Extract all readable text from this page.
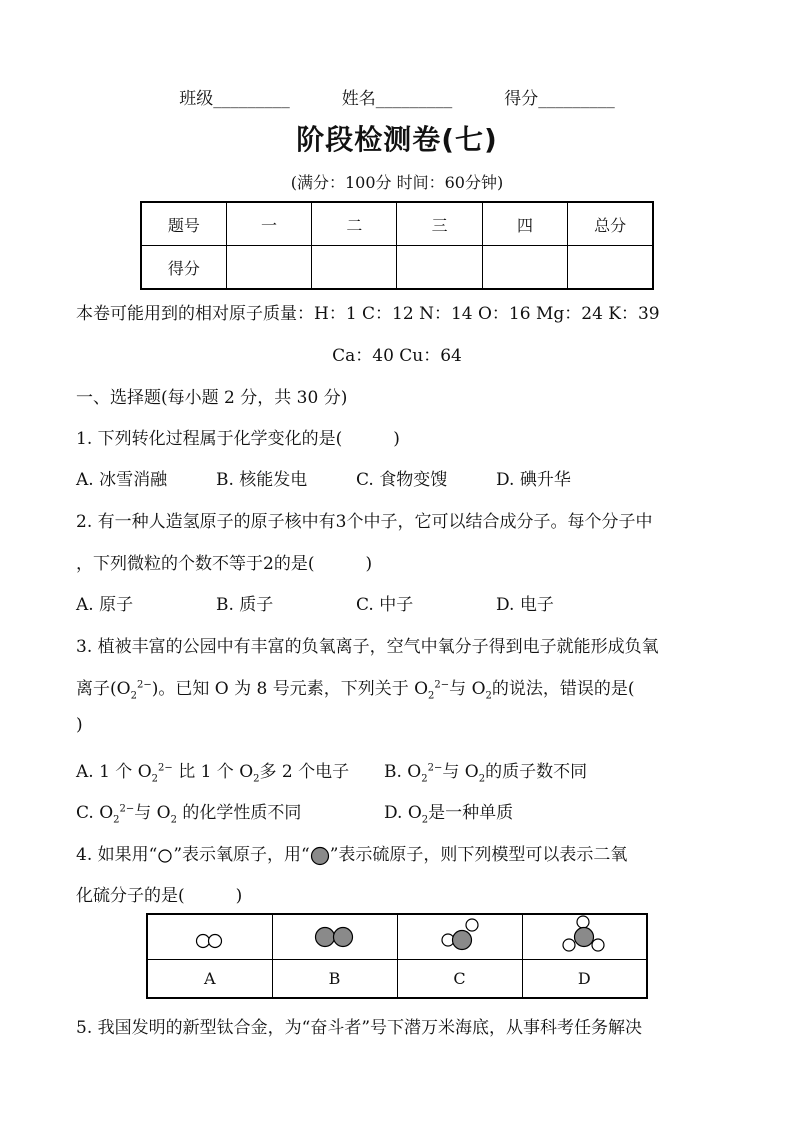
班级_________	姓名_________	得分_________
阶段检测卷(七)
(满分：100分 时间：60分钟)
题号	一	二	三	四	总分
得分					
本卷可能用到的相对原子质量：H：1 C：12 N：14 O：16 Mg：24 K：39
Ca：40 Cu：64
一、选择题(每小题 2 分，共 30 分)
1. 下列转化过程属于化学变化的是(　　　)
A. 冰雪消融	B. 核能发电	C. 食物变馊	D. 碘升华
2. 有一种人造氢原子的原子核中有3个中子，它可以结合成分子。每个分子中
，下列微粒的个数不等于2的是(　　　)
A. 原子	B. 质子	C. 中子	D. 电子
3. 植被丰富的公园中有丰富的负氧离子，空气中氧分子得到电子就能形成负氧
离子$(O_2^{2-})$。已知 O 为 8 号元素，下列关于 $O_2^{2-}$与 $O_2$的说法，错误的是(
)
A. 1 个 $O_2^{2-}$ 比 1 个 $O_2$多 2 个电子 B. $O_2^{2-}$与 $O_2$的质子数不同
C. $O_2^{2-}$与 $O_2$ 的化学性质不同	D. $O_2$是一种单质
4. 如果用“ ”表示氧原子，用“ ”表示硫原子，则下列模型可以表示二氧
化硫分子的是(　　　)

A	B	C	D
5. 我国发明的新型钛合金，为“奋斗者”号下潜万米海底，从事科考任务解决
